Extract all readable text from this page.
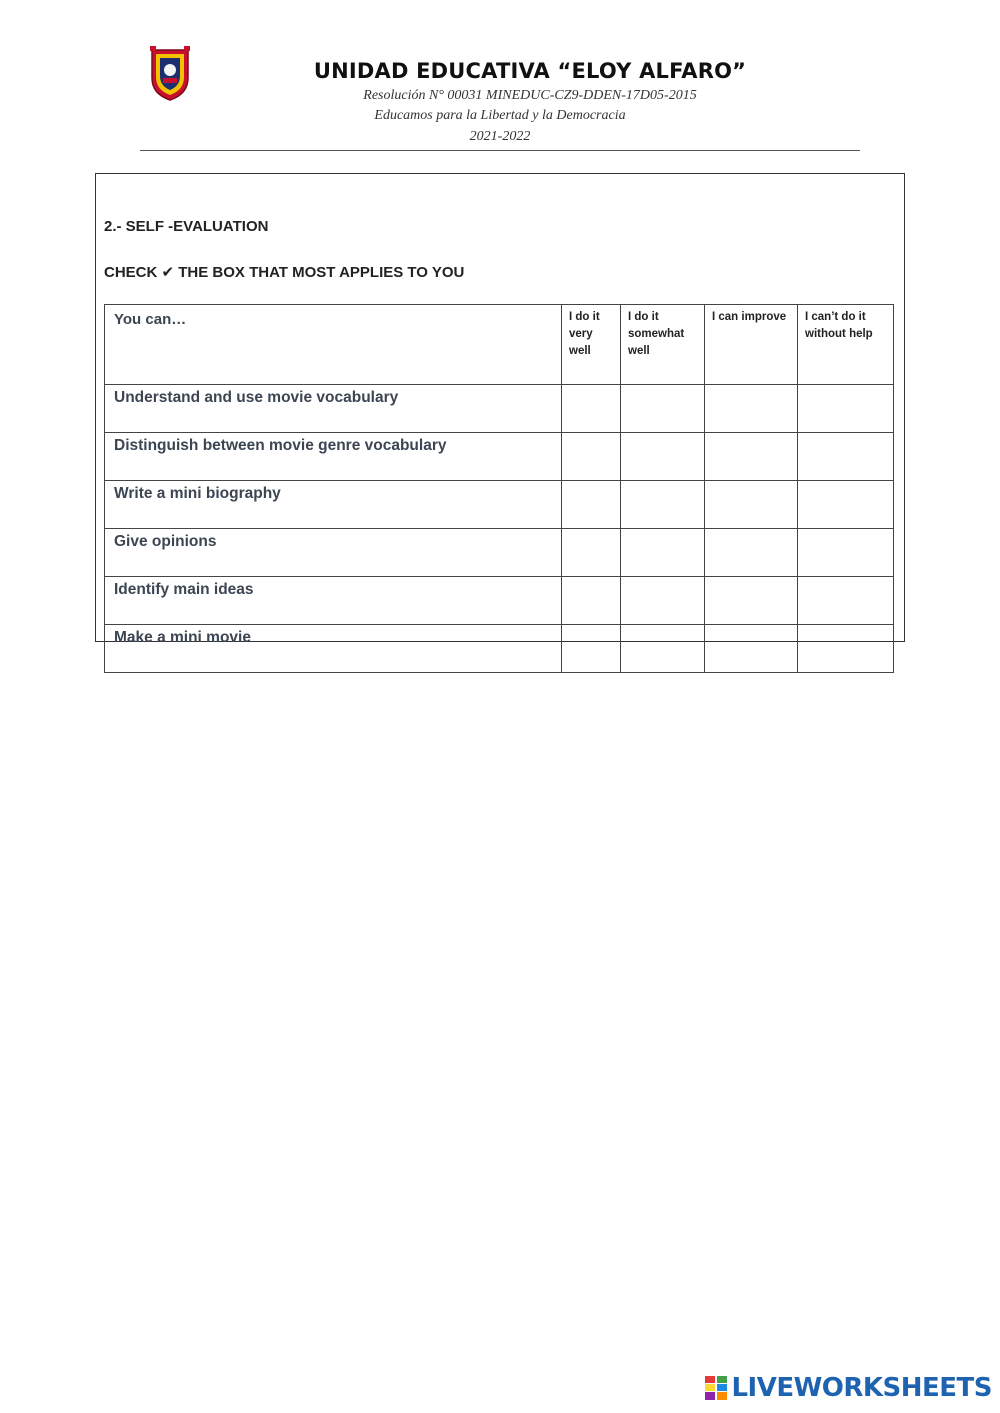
UNIDAD EDUCATIVA “ELOY ALFARO”
Resolución N° 00031 MINEDUC-CZ9-DDEN-17D05-2015
Educamos para la Libertad y la Democracia
2021-2022
2.- SELF -EVALUATION
CHECK ✔ THE BOX THAT MOST APPLIES TO YOU
You can…	I do it very well	I do it somewhat well	I can improve	I can’t do it without help
Understand and use movie vocabulary				
Distinguish between movie genre vocabulary				
Write a mini biography				
Give opinions				
Identify main ideas				
Make a mini movie				
LIVEWORKSHEETS
